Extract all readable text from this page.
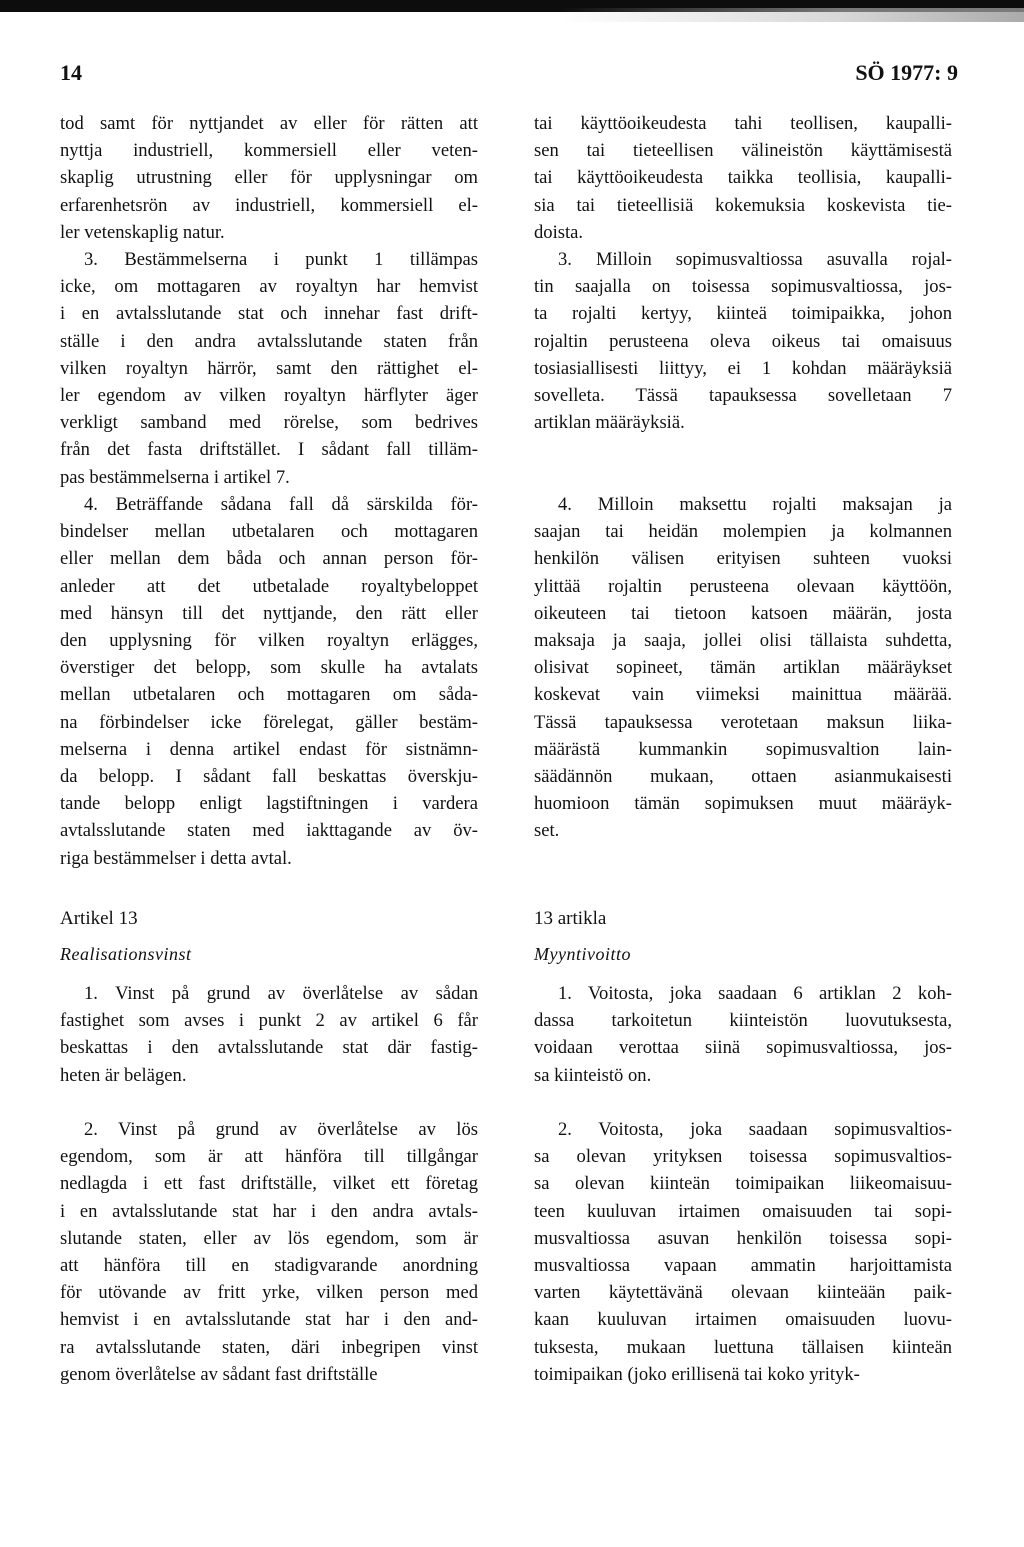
14	SÖ 1977: 9

tod samt för nyttjandet av eller för rätten att
nyttja industriell, kommersiell eller veten-
skaplig utrustning eller för upplysningar om
erfarenhetsrön av industriell, kommersiell el-
ler vetenskaplig natur.

3. Bestämmelserna i punkt 1 tillämpas
icke, om mottagaren av royaltyn har hemvist
i en avtalsslutande stat och innehar fast drift-
ställe i den andra avtalsslutande staten från
vilken royaltyn härrör, samt den rättighet el-
ler egendom av vilken royaltyn härflyter äger
verkligt samband med rörelse, som bedrives
från det fasta driftstället. I sådant fall tilläm-
pas bestämmelserna i artikel 7.

4. Beträffande sådana fall då särskilda för-
bindelser mellan utbetalaren och mottagaren
eller mellan dem båda och annan person för-
anleder att det utbetalade royaltybeloppet
med hänsyn till det nyttjande, den rätt eller
den upplysning för vilken royaltyn erlägges,
överstiger det belopp, som skulle ha avtalats
mellan utbetalaren och mottagaren om såda-
na förbindelser icke förelegat, gäller bestäm-
melserna i denna artikel endast för sistnämn-
da belopp. I sådant fall beskattas överskju-
tande belopp enligt lagstiftningen i vardera
avtalsslutande staten med iakttagande av öv-
riga bestämmelser i detta avtal.

Artikel 13
Realisationsvinst

1. Vinst på grund av överlåtelse av sådan
fastighet som avses i punkt 2 av artikel 6 får
beskattas i den avtalsslutande stat där fastig-
heten är belägen.

2. Vinst på grund av överlåtelse av lös
egendom, som är att hänföra till tillgångar
nedlagda i ett fast driftställe, vilket ett företag
i en avtalsslutande stat har i den andra avtals-
slutande staten, eller av lös egendom, som är
att hänföra till en stadigvarande anordning
för utövande av fritt yrke, vilken person med
hemvist i en avtalsslutande stat har i den and-
ra avtalsslutande staten, däri inbegripen vinst
genom överlåtelse av sådant fast driftställe

tai käyttöoikeudesta tahi teollisen, kaupalli-
sen tai tieteellisen välineistön käyttämisestä
tai käyttöoikeudesta taikka teollisia, kaupalli-
sia tai tieteellisiä kokemuksia koskevista tie-
doista.

3. Milloin sopimusvaltiossa asuvalla rojal-
tin saajalla on toisessa sopimusvaltiossa, jos-
ta rojalti kertyy, kiinteä toimipaikka, johon
rojaltin perusteena oleva oikeus tai omaisuus
tosiasiallisesti liittyy, ei 1 kohdan määräyksiä
sovelleta. Tässä tapauksessa sovelletaan 7
artiklan määräyksiä.

4. Milloin maksettu rojalti maksajan ja
saajan tai heidän molempien ja kolmannen
henkilön välisen erityisen suhteen vuoksi
ylittää rojaltin perusteena olevaan käyttöön,
oikeuteen tai tietoon katsoen määrän, josta
maksaja ja saaja, jollei olisi tällaista suhdetta,
olisivat sopineet, tämän artiklan määräykset
koskevat vain viimeksi mainittua määrää.
Tässä tapauksessa verotetaan maksun liika-
määrästä kummankin sopimusvaltion lain-
säädännön mukaan, ottaen asianmukaisesti
huomioon tämän sopimuksen muut määräyk-
set.

13 artikla
Myyntivoitto

1. Voitosta, joka saadaan 6 artiklan 2 koh-
dassa tarkoitetun kiinteistön luovutuksesta,
voidaan verottaa siinä sopimusvaltiossa, jos-
sa kiinteistö on.

2. Voitosta, joka saadaan sopimusvaltios-
sa olevan yrityksen toisessa sopimusvaltios-
sa olevan kiinteän toimipaikan liikeomaisuu-
teen kuuluvan irtaimen omaisuuden tai sopi-
musvaltiossa asuvan henkilön toisessa sopi-
musvaltiossa vapaan ammatin harjoittamista
varten käytettävänä olevaan kiinteään paik-
kaan kuuluvan irtaimen omaisuuden luovu-
tuksesta, mukaan luettuna tällaisen kiinteän
toimipaikan (joko erillisenä tai koko yrityk-
